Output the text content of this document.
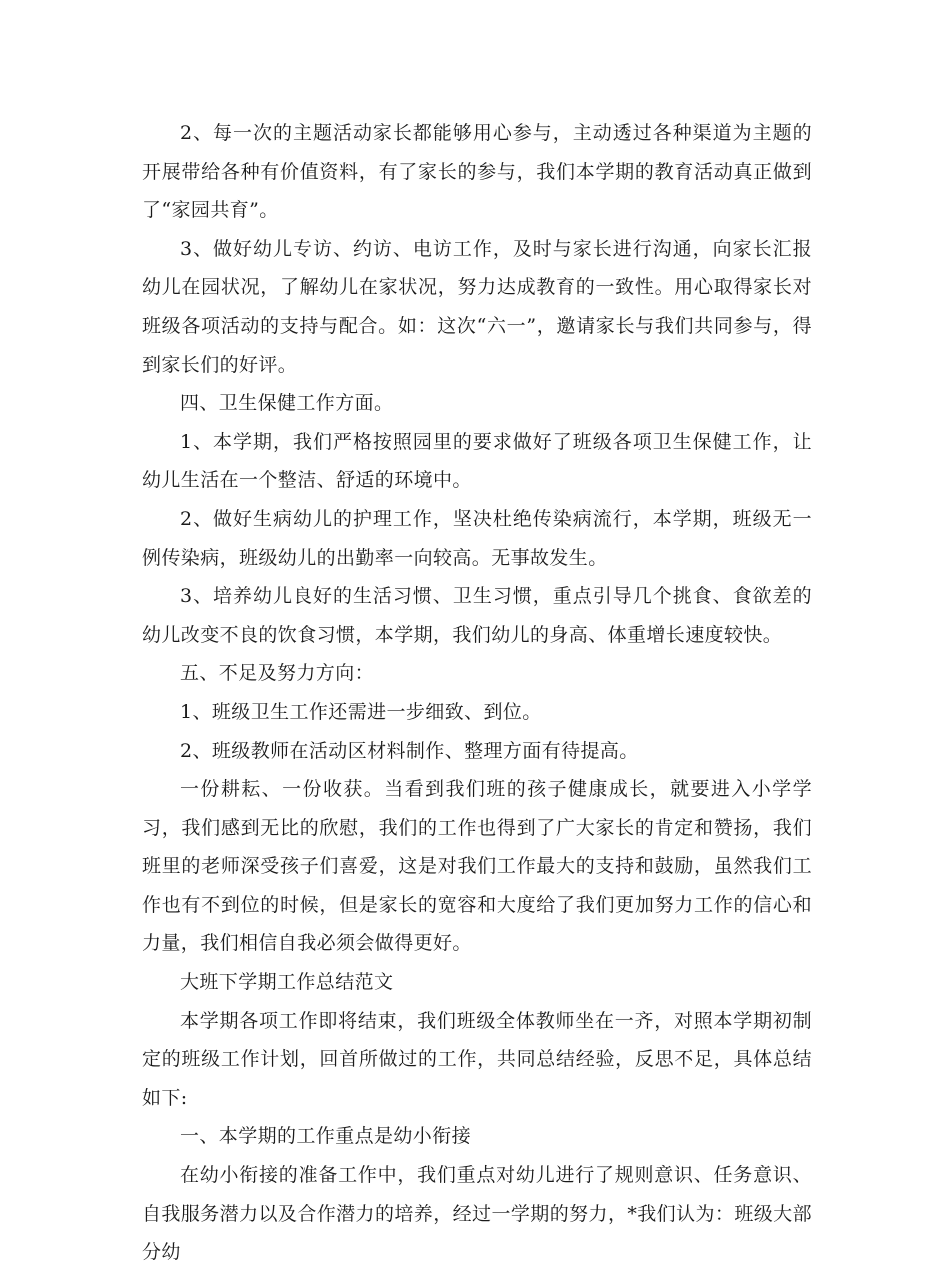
2、每一次的主题活动家长都能够用心参与，主动透过各种渠道为主题的开展带给各种有价值资料，有了家长的参与，我们本学期的教育活动真正做到了“家园共育”。

3、做好幼儿专访、约访、电访工作，及时与家长进行沟通，向家长汇报幼儿在园状况，了解幼儿在家状况，努力达成教育的一致性。用心取得家长对班级各项活动的支持与配合。如：这次“六一”，邀请家长与我们共同参与，得到家长们的好评。

四、卫生保健工作方面。

1、本学期，我们严格按照园里的要求做好了班级各项卫生保健工作，让幼儿生活在一个整洁、舒适的环境中。

2、做好生病幼儿的护理工作，坚决杜绝传染病流行，本学期，班级无一例传染病，班级幼儿的出勤率一向较高。无事故发生。

3、培养幼儿良好的生活习惯、卫生习惯，重点引导几个挑食、食欲差的幼儿改变不良的饮食习惯，本学期，我们幼儿的身高、体重增长速度较快。

五、不足及努力方向：

1、班级卫生工作还需进一步细致、到位。

2、班级教师在活动区材料制作、整理方面有待提高。

一份耕耘、一份收获。当看到我们班的孩子健康成长，就要进入小学学习，我们感到无比的欣慰，我们的工作也得到了广大家长的肯定和赞扬，我们班里的老师深受孩子们喜爱，这是对我们工作最大的支持和鼓励，虽然我们工作也有不到位的时候，但是家长的宽容和大度给了我们更加努力工作的信心和力量，我们相信自我必须会做得更好。

大班下学期工作总结范文

本学期各项工作即将结束，我们班级全体教师坐在一齐，对照本学期初制定的班级工作计划，回首所做过的工作，共同总结经验，反思不足，具体总结如下:

一、本学期的工作重点是幼小衔接

在幼小衔接的准备工作中，我们重点对幼儿进行了规则意识、任务意识、自我服务潜力以及合作潜力的培养，经过一学期的努力，*我们认为：班级大部分幼
